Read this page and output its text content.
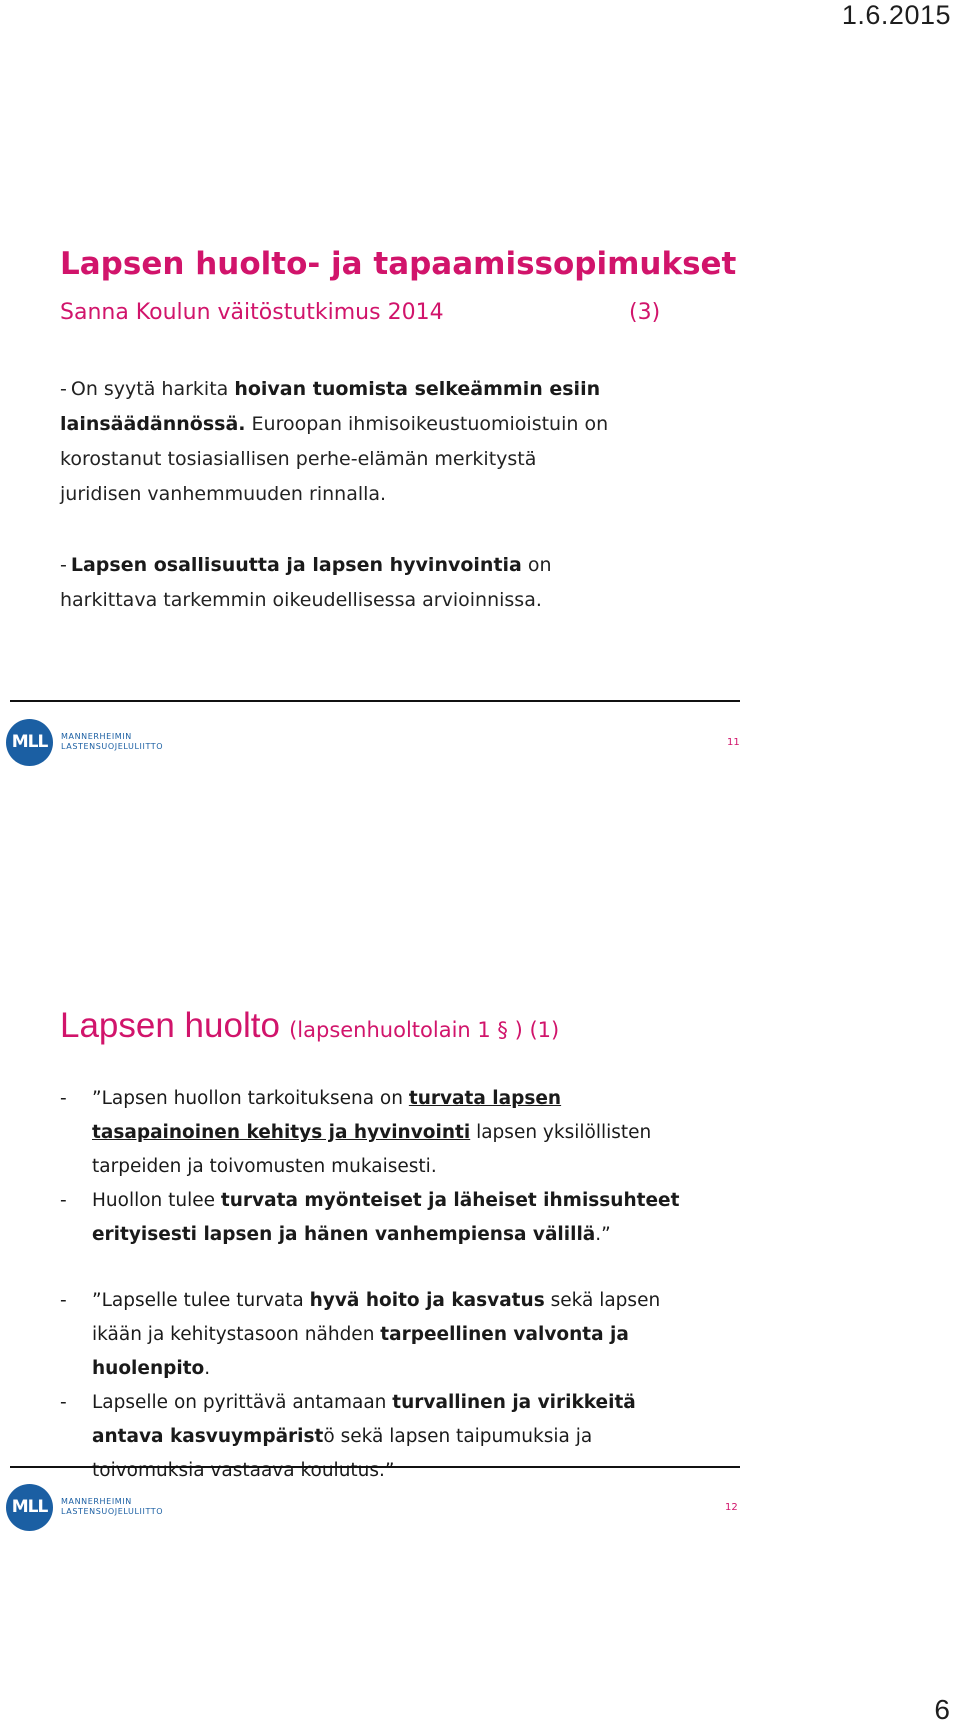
1.6.2015
Lapsen huolto- ja tapaamissopimukset
Sanna Koulun väitöstutkimus 2014	(3)
- On syytä harkita hoivan tuomista selkeämmin esiin lainsäädännössä. Euroopan ihmisoikeustuomioistuin on korostanut tosiasiallisen perhe-elämän merkitystä juridisen vanhemmuuden rinnalla.
- Lapsen osallisuutta ja lapsen hyvinvointia on harkittava tarkemmin oikeudellisessa arvioinnissa.
MLL	MANNERHEIMIN
LASTENSUOJELULIITTO	11
Lapsen huolto (lapsenhuoltolain 1 § ) (1)
- ”Lapsen huollon tarkoituksena on turvata lapsen tasapainoinen kehitys ja hyvinvointi lapsen yksilöllisten tarpeiden ja toivomusten mukaisesti.
- Huollon tulee turvata myönteiset ja läheiset ihmissuhteet erityisesti lapsen ja hänen vanhempiensa välillä.”
- ”Lapselle tulee turvata hyvä hoito ja kasvatus sekä lapsen ikään ja kehitystasoon nähden tarpeellinen valvonta ja huolenpito.
- Lapselle on pyrittävä antamaan turvallinen ja virikkeitä antava kasvuympäristö sekä lapsen taipumuksia ja toivomuksia vastaava koulutus.”
MLL	MANNERHEIMIN
LASTENSUOJELULIITTO	12
6
